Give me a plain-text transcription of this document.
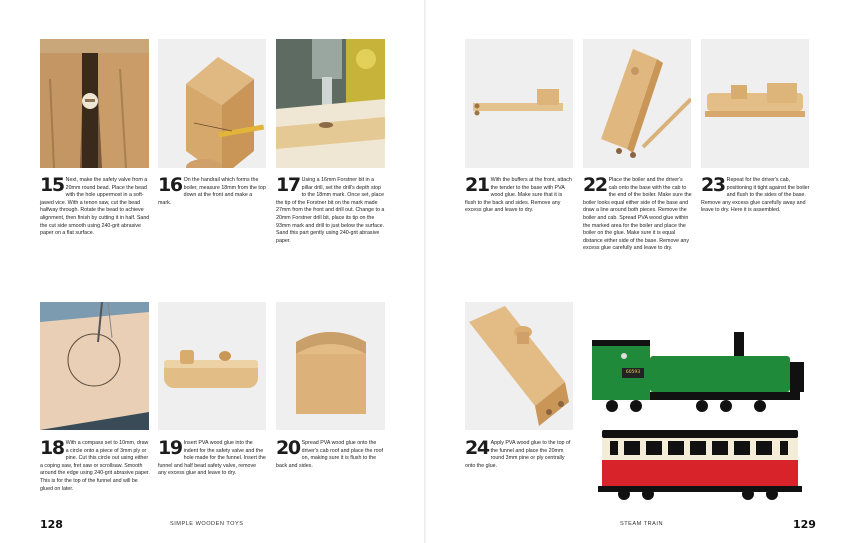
60593
15 Next, make the safety valve from a 20mm round bead. Place the bead with the hole uppermost in a soft-jawed vice. With a tenon saw, cut the bead halfway through. Rotate the bead to achieve alignment, then finish by cutting it in half. Sand the cut side smooth using 240-grit abrasive paper on a flat surface.
16 On the handrail which forms the boiler, measure 18mm from the top down at the front and make a mark.
17 Using a 16mm Forstner bit in a pillar drill, set the drill's depth stop to the 18mm mark. Once set, place the tip of the Forstner bit on the mark made 27mm from the front and drill out. Change to a 20mm Forstner drill bit, place its tip on the 93mm mark and drill to just below the surface. Sand this part gently using 240-grit abrasive paper.
18 With a compass set to 10mm, draw a circle onto a piece of 3mm ply or pine. Cut this circle out using either a coping saw, fret saw or scrollsaw. Smooth around the edge using 240-grit abrasive paper. This is for the top of the funnel and will be glued on later.
19 Insert PVA wood glue into the indent for the safety valve and the hole made for the funnel. Insert the funnel and half bead safety valve, remove any excess glue and leave to dry.
20 Spread PVA wood glue onto the driver's cab roof and place the roof on, making sure it is flush to the back and sides.
21 With the buffers at the front, attach the tender to the base with PVA wood glue. Make sure that it is flush to the back and sides. Remove any excess glue and leave to dry.
22 Place the boiler and the driver's cab onto the base with the cab to the end of the boiler. Make sure the boiler looks equal either side of the base and draw a line around both pieces. Remove the boiler and cab. Spread PVA wood glue within the marked area for the boiler and place the boiler on the glue. Make sure it is equal distance either side of the base. Remove any excess glue carefully and leave to dry.
23 Repeat for the driver's cab, positioning it tight against the boiler and flush to the sides of the base. Remove any excess glue carefully away and leave to dry. Here it is assembled.
24 Apply PVA wood glue to the top of the funnel and place the 20mm round 3mm pine or ply centrally onto the glue.
128	SIMPLE WOODEN TOYS	STEAM TRAIN	129
